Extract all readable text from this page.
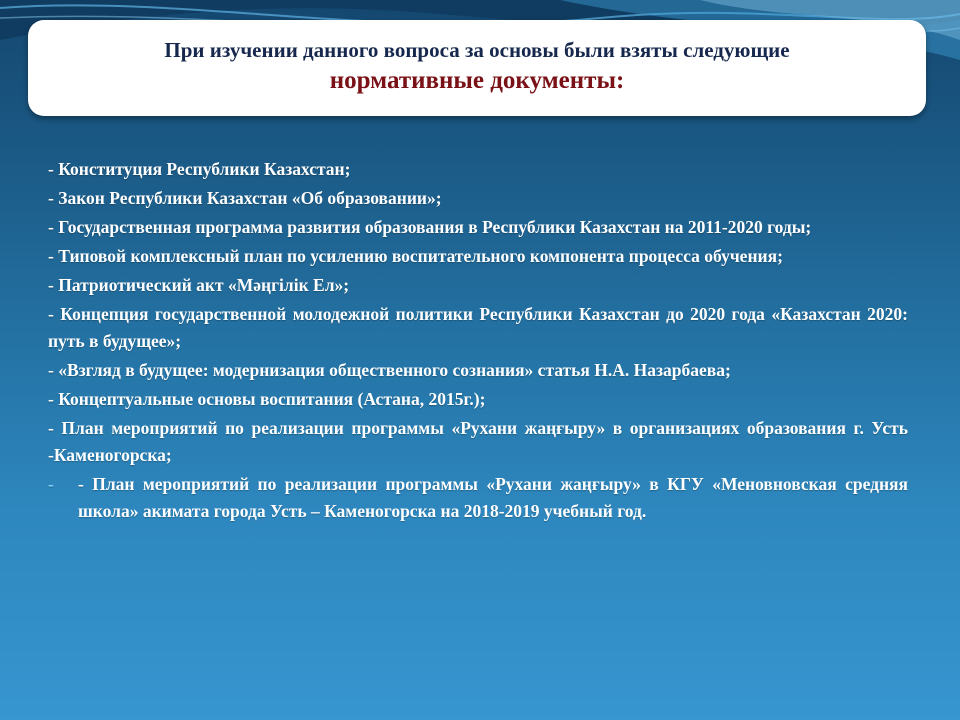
При изучении данного вопроса за основы были взяты следующие
нормативные документы:
- Конституция Республики Казахстан;
- Закон Республики Казахстан «Об образовании»;
- Государственная программа развития образования в Республики Казахстан на 2011-2020 годы;
- Типовой комплексный план по усилению воспитательного компонента процесса обучения;
- Патриотический акт «Мәңгілік Ел»;
- Концепция государственной молодежной политики Республики Казахстан до 2020 года «Казахстан 2020: путь в будущее»;
- «Взгляд в будущее: модернизация общественного сознания» статья Н.А. Назарбаева;
- Концептуальные основы воспитания (Астана, 2015г.);
- План мероприятий по реализации программы «Рухани жаңғыру» в организациях образования г. Усть -Каменогорска;
- - План мероприятий по реализации программы «Рухани жаңғыру» в КГУ «Меновновская средняя школа» акимата города Усть – Каменогорска на 2018-2019 учебный год.
